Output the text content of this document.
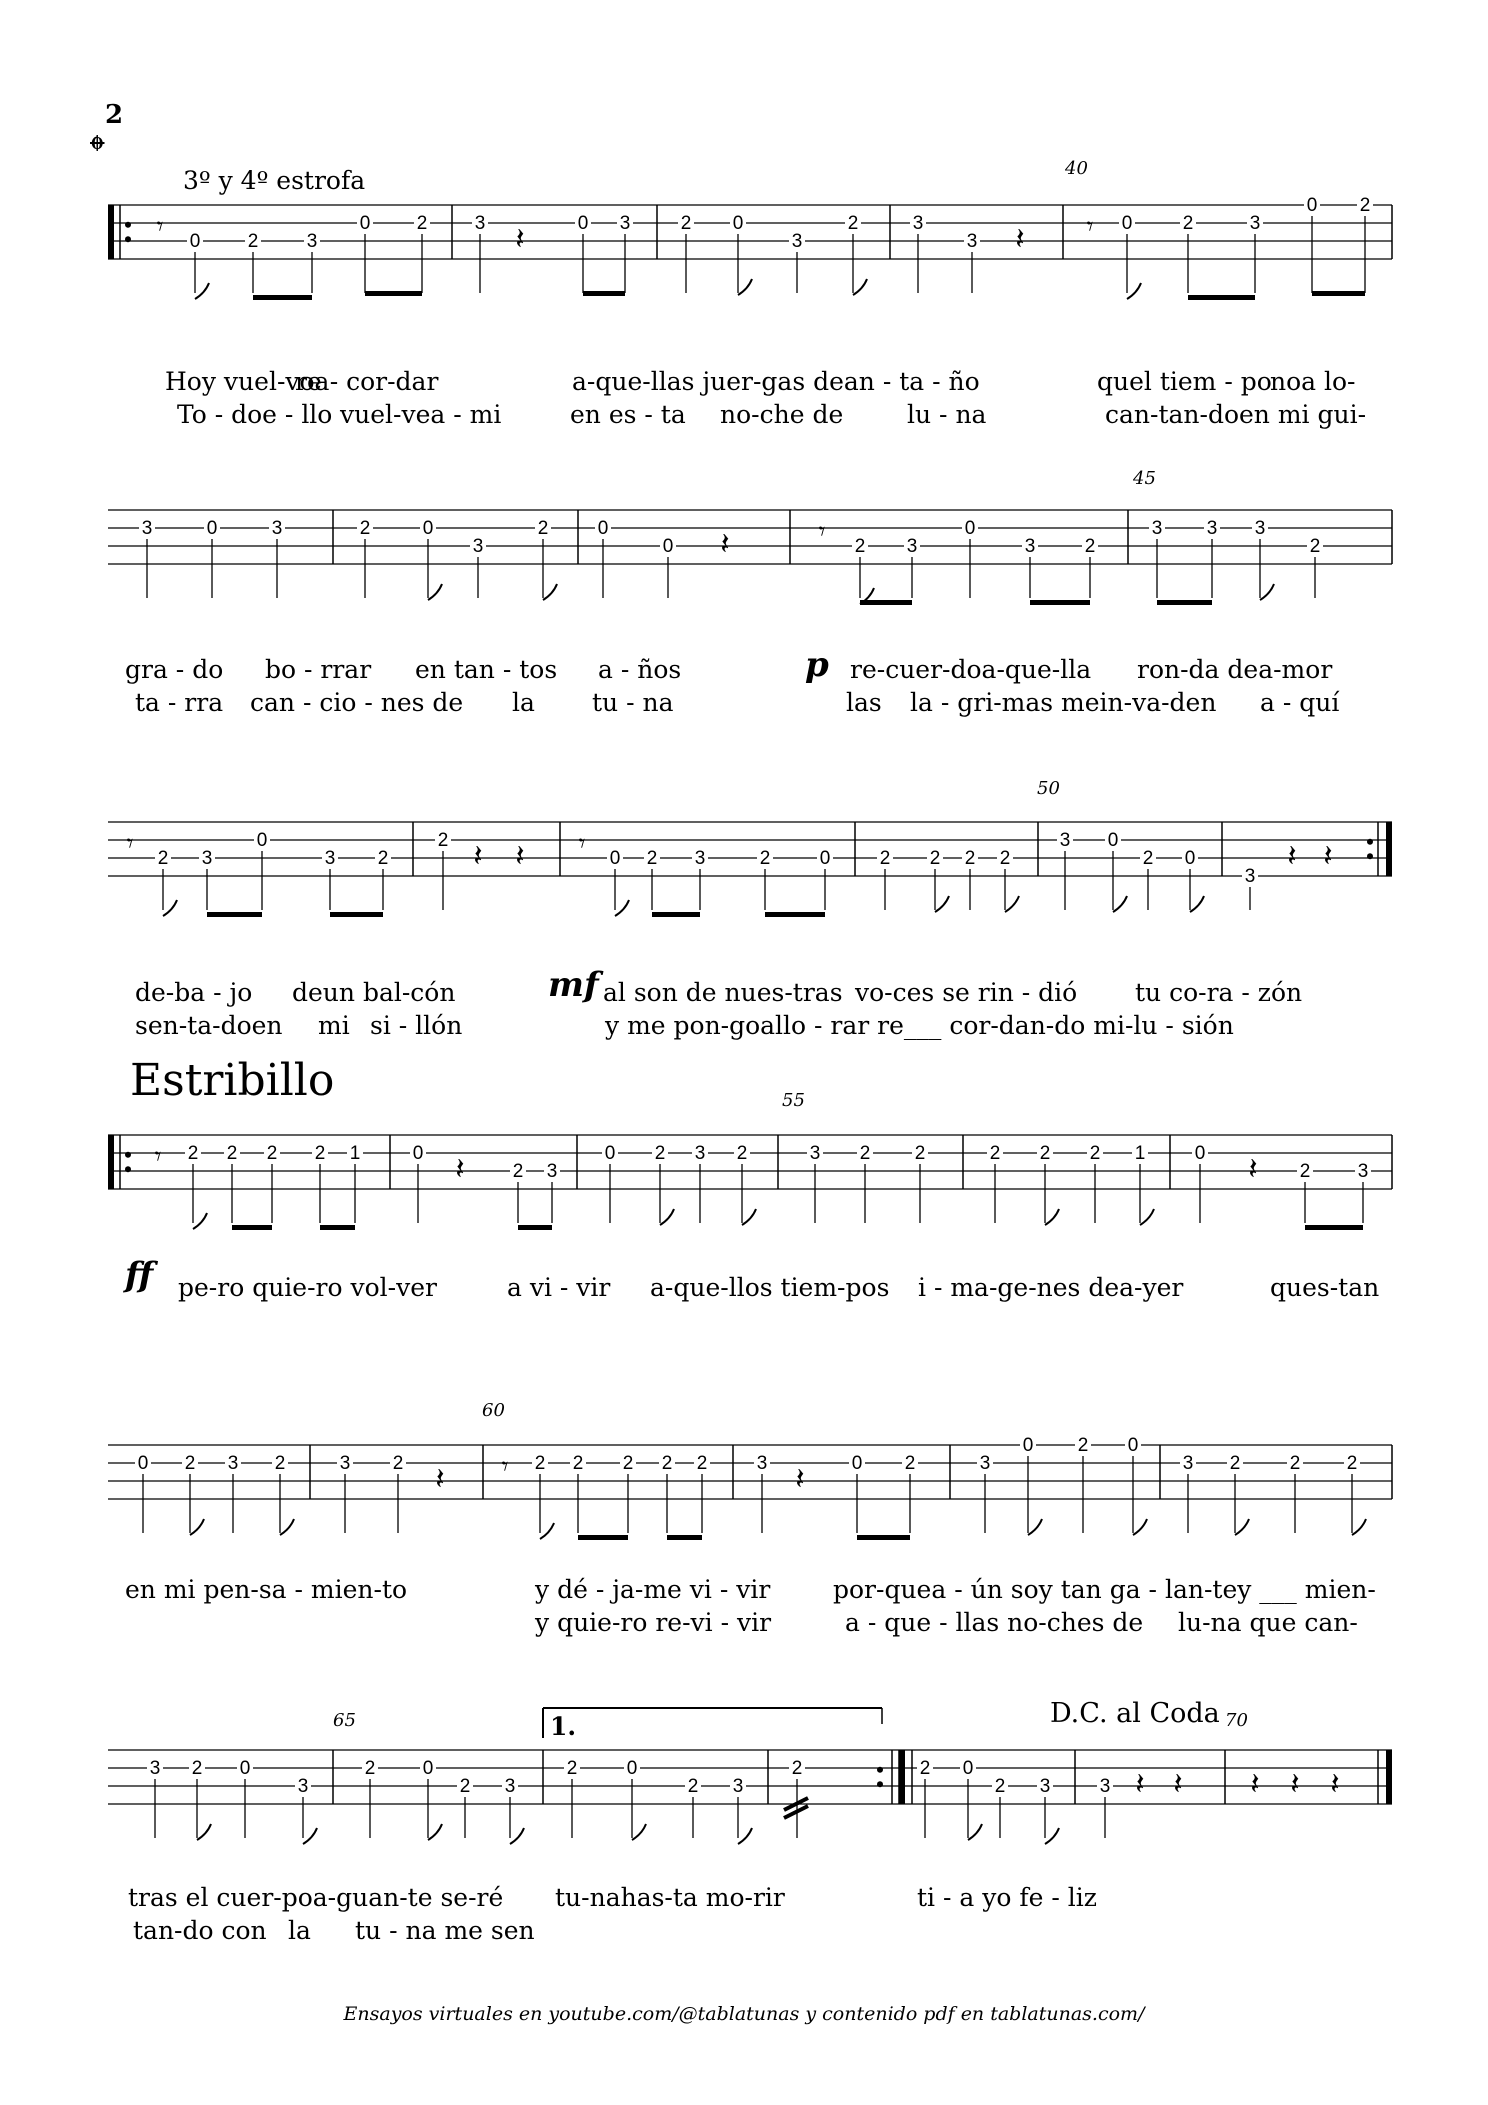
2
𝄌
3º y 4º estrofa	40
45
50
55
60
65	70
Estribillo
D.C. al Coda
𝄾 0 2	3
0 2 3	0 3	2 0
3
2	3
3
0	2	3
0 2
𝄽	𝄽 𝄾
3	0	3	2	0
3
2	0
0	2 3
0
3	2
3 3 3
2
𝄽	𝄾
𝄾 2 3
0
3 2
2
0 2 3	2	0	2 2 2 2
3 0
2 0
3
𝄽 𝄽 𝄾	𝄽 𝄽
𝄾 2 2 2 2 1	0
2 3
0 2 3 2	3 2 2	2 2 2 1	0
2 3
𝄽	𝄽
0 2 3 2	3 2	2 2 2 2 2	3	0 2	3
0 2 0
3 2	2 2
𝄽 𝄾	𝄽
3 2 0
3
2 0
2 3
2	0
2 3
2	2 0
2 3	3 𝄽 𝄽 𝄽 𝄽 𝄽
1.
p
mf
ff
Hoy vuel-voa
re - cor-dar	a-que-llas juer-gas dean - ta - ño	quel tiem - po
noa lo-
To - doe - llo vuel-vea - mi	en es - ta no-che de	lu - na	can-tan-doen mi gui-
gra - do bo - rrar en tan - tos a - ños	re-cuer-doa-que-lla ron-da dea-mor
ta - rra can - cio - nes de la tu - na	las la - gri-mas mein-va-den a - quí
de-ba - jo deun bal-cón	al son de nues-tras vo-ces se rin - dió tu co-ra - zón
sen-ta-doen mi si - llón	y me pon-goa llo - rar re___ cor-dan-do mi-lu - sión
pe-ro quie-ro vol-ver	a vi - vir a-que-llos tiem-pos i - ma-ge-nes dea-yer	ques-tan
en mi pen-sa - mien-to	y dé - ja-me vi - vir	por-quea - ún soy tan ga - lan-tey ___ mien-
y quie-ro re-vi - vir	a - que - llas no-ches de lu-na que can-
tras el cuer-poa-guan-te se-ré tu-nahas-ta mo-rir	ti - a yo fe - liz
tan-do con la tu - na me sen
Ensayos virtuales en youtube.com/@tablatunas y contenido pdf en tablatunas.com/
